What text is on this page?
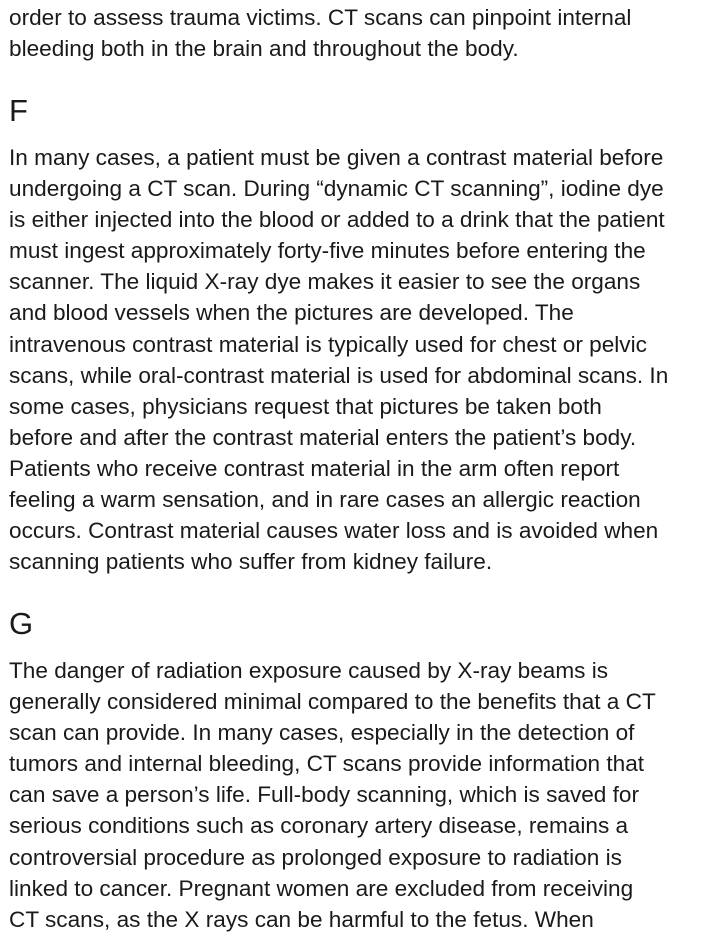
order to assess trauma victims. CT scans can pinpoint internal
bleeding both in the brain and throughout the body.

F

In many cases, a patient must be given a contrast material before
undergoing a CT scan. During “dynamic CT scanning”, iodine dye
is either injected into the blood or added to a drink that the patient
must ingest approximately forty-five minutes before entering the
scanner. The liquid X-ray dye makes it easier to see the organs
and blood vessels when the pictures are developed. The
intravenous contrast material is typically used for chest or pelvic
scans, while oral-contrast material is used for abdominal scans. In
some cases, physicians request that pictures be taken both
before and after the contrast material enters the patient’s body.
Patients who receive contrast material in the arm often report
feeling a warm sensation, and in rare cases an allergic reaction
occurs. Contrast material causes water loss and is avoided when
scanning patients who suffer from kidney failure.

G

The danger of radiation exposure caused by X-ray beams is
generally considered minimal compared to the benefits that a CT
scan can provide. In many cases, especially in the detection of
tumors and internal bleeding, CT scans provide information that
can save a person’s life. Full-body scanning, which is saved for
serious conditions such as coronary artery disease, remains a
controversial procedure as prolonged exposure to radiation is
linked to cancer. Pregnant women are excluded from receiving
CT scans, as the X rays can be harmful to the fetus. When
